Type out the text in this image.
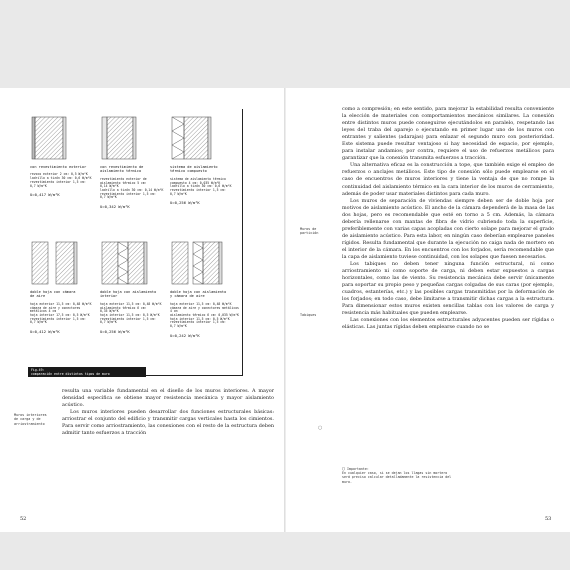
con revestimiento exterior
revoco exterior 2 cm: 0,5 W/m²K
ladrillo a tizón 30 cm: 0,6 W/m²K
revestimiento interior 1,5 cm:
0,7 W/m²K
U=0,417 W/m²K
con revestimiento de
aislamiento térmico
revestimiento exterior de
aislamiento térmico 5 cm:
0,14 W/m²K
ladrillo a tizón 30 cm: 0,14 W/m²K
revestimiento interior 1,5 cm:
0,7 W/m²K
U=0,342 W/m²K
sistema de aislamiento
térmico compuesto
sistema de aislamiento térmico
compuesto 4 cm: 0,035 W/m²K
ladrillo a tizón 30 cm: 0,6 W/m²K
revestimiento interior 1,5 cm:
0,7 W/m²K
U=0,256 W/m²K
doble hoja con cámara
de aire
hoja exterior 11,5 cm: 0,48 W/m²K
cámara de aire y conectores
metálicos 4 cm
hoja interior 17,5 cm: 0,5 W/m²K
revestimiento interior 1,5 cm:
0,7 W/m²K
U=0,412 W/m²K
doble hoja con aislamiento
interior
hoja exterior 11,5 cm: 0,48 W/m²K
aislamiento térmico 6 cm:
0,35 W/m²K
hoja interior 11,5 cm: 0,5 W/m²K
revestimiento interior 1,5 cm:
0,7 W/m²K
U=0,256 W/m²K
doble hoja con aislamiento
y cámara de aire
hoja exterior 11,5 cm: 0,48 W/m²K
cámara de aire y conectores metálicos
4 cm
aislamiento térmico 6 cm: 0,035 W/m²K
hoja interior 11,5 cm: 0,5 W/m²K
revestimiento interior 1,5 cm:
0,7 W/m²K
U=0,242 W/m²K
Fig.49:
comparación entre distintos tipos de muro

resulta una variable fundamental en el diseño de los muros interiores. A mayor densidad específica se obtiene mayor resistencia mecánica y mayor aislamiento acústico.

Los muros interiores pueden desarrollar dos funciones estructurales básicas: arriostrar el conjunto del edificio y transmitir cargas verticales hasta los cimientos. Para servir como arriostramiento, las conexiones con el resto de la estructura deben admitir tanto esfuerzos a tracción

Muros interiores
de carga y de
arriostramiento
52

como a compresión; en este sentido, para mejorar la estabilidad resulta conveniente la elección de materiales con comportamientos mecánicos similares. La conexión entre distintos muros puede conseguirse ejecutándolos en paralelo, respetando las leyes del traba del aparejo o ejecutando en primer lugar uno de los muros con entrantes y salientes (adarajas) para enlazar el segundo muro con posterioridad. Este sistema puede resultar ventajoso si hay necesidad de espacio, por ejemplo, para instalar andamios; por contra, requiere el uso de refuerzos metálicos para garantizar que la conexión transmita esfuerzos a tracción.

Una alternativa eficaz es la construcción a tope, que también exige el empleo de refuerzos o anclajes metálicos. Este tipo de conexión sólo puede emplearse en el caso de encuentros de muros interiores y tiene la ventaja de que no rompe la continuidad del aislamiento térmico en la cara interior de los muros de cerramiento, además de poder usar materiales distintos para cada muro.

Los muros de separación de viviendas siempre deben ser de doble hoja por motivos de aislamiento acústico. El ancho de la cámara dependerá de la masa de las dos hojas, pero es recomendable que esté en torno a 5 cm. Además, la cámara debería rellenarse con mantas de fibra de vidrio cubriendo toda la superficie, preferiblemente con varias capas acopladas con cierto solape para mejorar el grado de aislamiento acústico. Para esta labor, en ningún caso deberían emplearse paneles rígidos. Resulta fundamental que durante la ejecución no caiga nada de mortero en el interior de la cámara. En los encuentros con los forjados, sería recomendable que la capa de aislamiento tuviese continuidad, con los solapes que fuesen necesarios.

Los tabiques no deben tener ninguna función estructural, ni como arriostramiento ni como soporte de carga, ni deben estar expuestos a cargas horizontales, como las de viento. Su resistencia mecánica debe servir únicamente para soportar su propio peso y pequeñas cargas colgadas de sus caras (por ejemplo, cuadros, estanterías, etc.) y las posibles cargas transmitidas por la deformación de los forjados; en todo caso, debe limitarse a transmitir dichas cargas a la estructura. Para dimensionar estos muros existen sencillas tablas con los valores de carga y resistencia más habituales que pueden emplearse.

Las conexiones con los elementos estructurales adyacentes pueden ser rígidas o elásticas. Las juntas rígidas deben emplearse cuando no se

Muros de
partición
Tabiques
○
○ Importante:
En cualquier caso, si se dejan los llagas sin mortero será preciso calcular detalladamente la resistencia del muro.
53
